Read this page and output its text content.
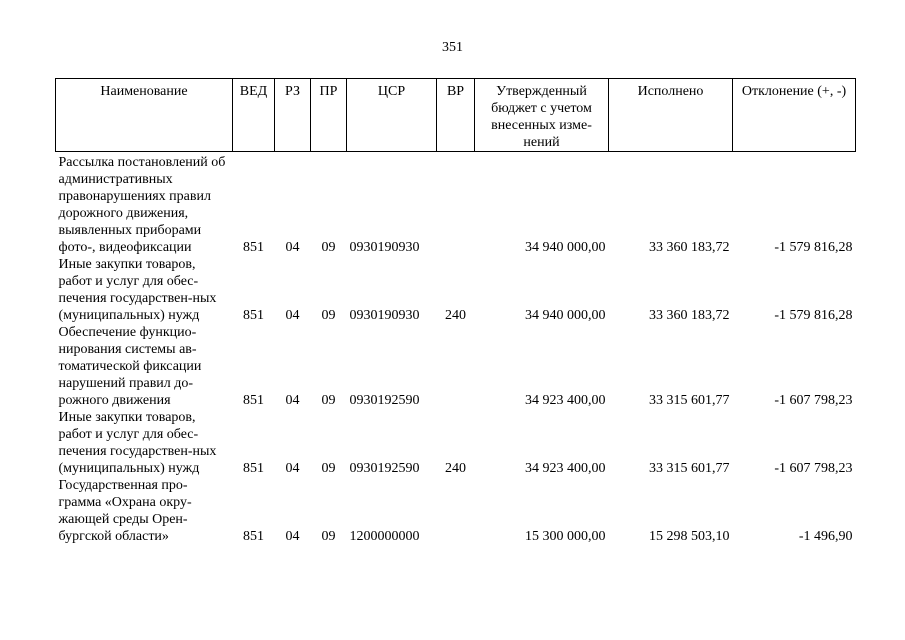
351
Наименование	ВЕД	РЗ	ПР	ЦСР	ВР	Утвержденный бюджет с учетом внесенных изме-нений	Исполнено	Отклонение (+, -)
Рассылка постановлений об административных правонарушениях правил дорожного движения, выявленных приборами фото-, видеофиксации	851	04	09	0930190930		34 940 000,00	33 360 183,72	-1 579 816,28
Иные закупки товаров, работ и услуг для обес-печения государствен-ных (муниципальных) нужд	851	04	09	0930190930	240	34 940 000,00	33 360 183,72	-1 579 816,28
Обеспечение функцио-нирования системы ав-томатической фиксации нарушений правил до-рожного движения	851	04	09	0930192590		34 923 400,00	33 315 601,77	-1 607 798,23
Иные закупки товаров, работ и услуг для обес-печения государствен-ных (муниципальных) нужд	851	04	09	0930192590	240	34 923 400,00	33 315 601,77	-1 607 798,23
Государственная про-грамма «Охрана окру-жающей среды Орен-бургской области»	851	04	09	1200000000		15 300 000,00	15 298 503,10	-1 496,90
